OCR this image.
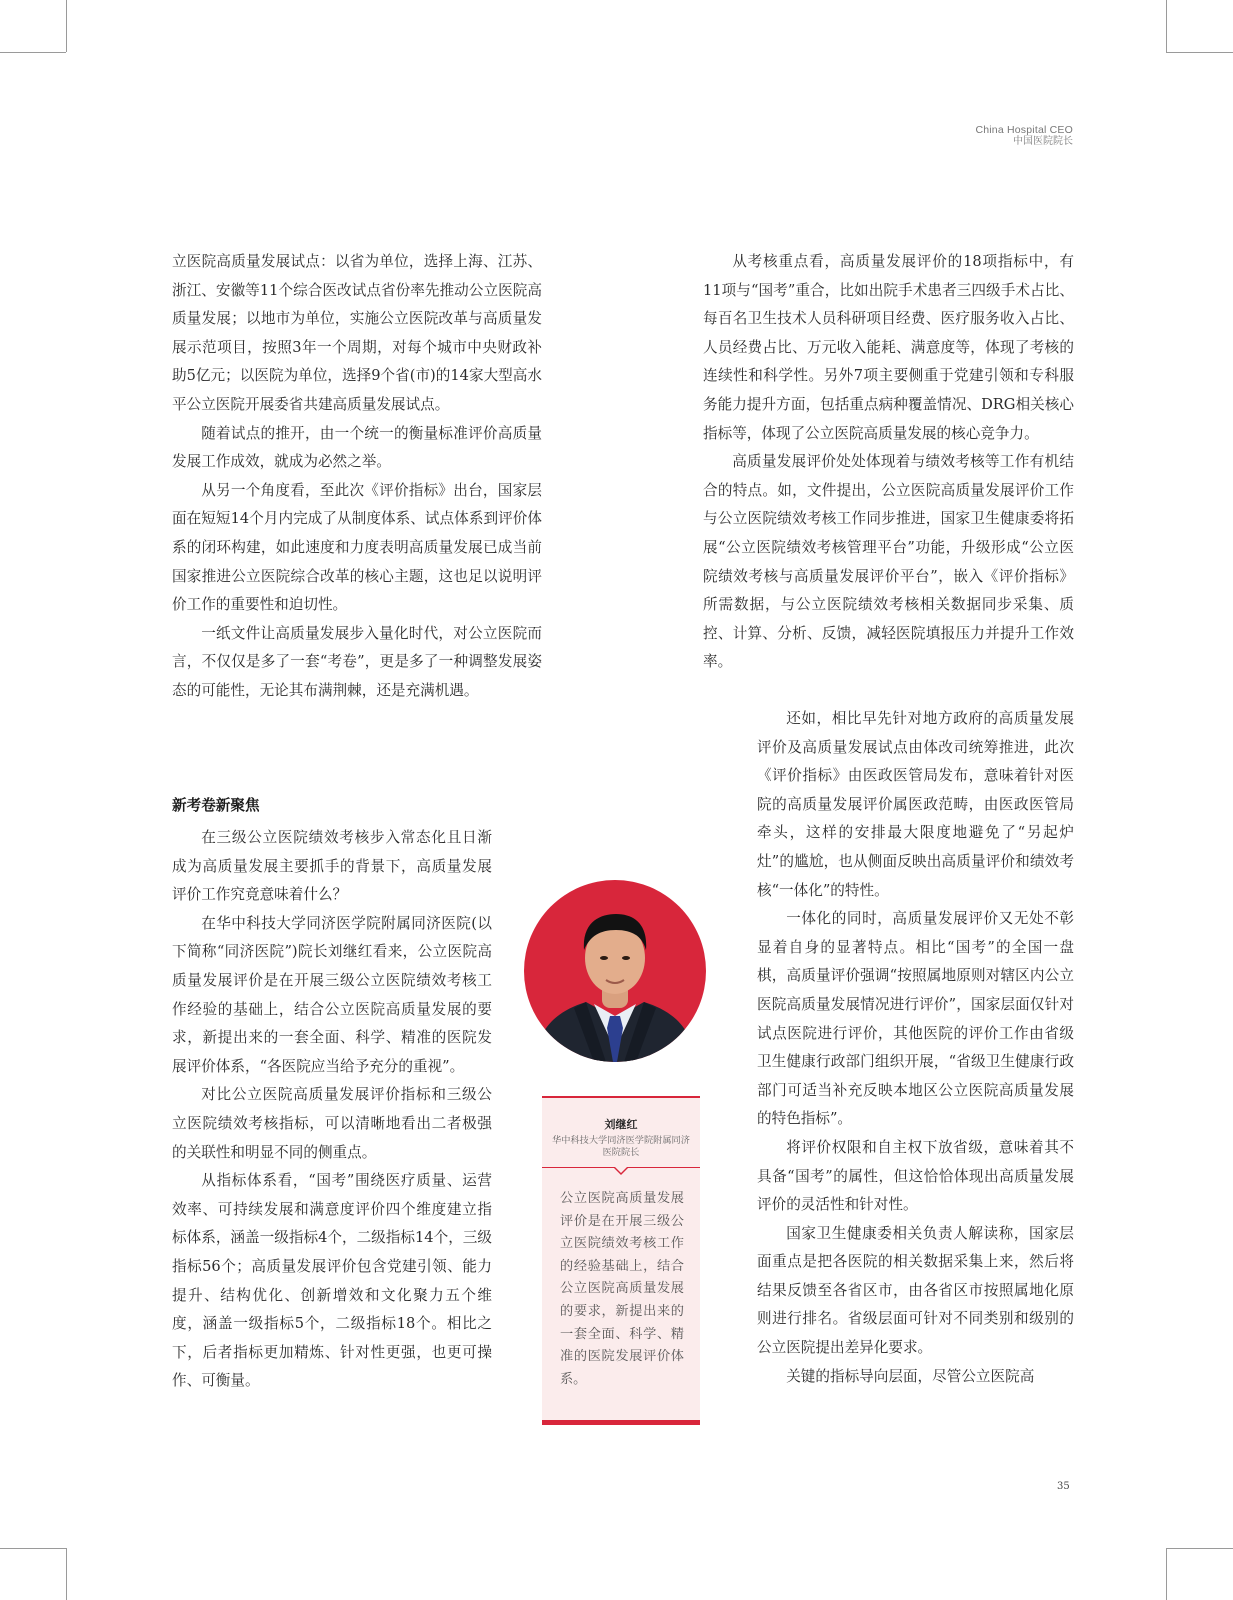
China Hospital CEO
中国医院院长

立医院高质量发展试点：以省为单位，选择上海、江苏、浙江、安徽等11个综合医改试点省份率先推动公立医院高质量发展；以地市为单位，实施公立医院改革与高质量发展示范项目，按照3年一个周期，对每个城市中央财政补助5亿元；以医院为单位，选择9个省(市)的14家大型高水平公立医院开展委省共建高质量发展试点。

随着试点的推开，由一个统一的衡量标准评价高质量发展工作成效，就成为必然之举。

从另一个角度看，至此次《评价指标》出台，国家层面在短短14个月内完成了从制度体系、试点体系到评价体系的闭环构建，如此速度和力度表明高质量发展已成当前国家推进公立医院综合改革的核心主题，这也足以说明评价工作的重要性和迫切性。

一纸文件让高质量发展步入量化时代，对公立医院而言，不仅仅是多了一套“考卷”，更是多了一种调整发展姿态的可能性，无论其布满荆棘，还是充满机遇。

新考卷新聚焦

在三级公立医院绩效考核步入常态化且日渐成为高质量发展主要抓手的背景下，高质量发展评价工作究竟意味着什么？

在华中科技大学同济医学院附属同济医院(以下简称“同济医院”)院长刘继红看来，公立医院高质量发展评价是在开展三级公立医院绩效考核工作经验的基础上，结合公立医院高质量发展的要求，新提出来的一套全面、科学、精准的医院发展评价体系，“各医院应当给予充分的重视”。

对比公立医院高质量发展评价指标和三级公立医院绩效考核指标，可以清晰地看出二者极强的关联性和明显不同的侧重点。

从指标体系看，“国考”围绕医疗质量、运营效率、可持续发展和满意度评价四个维度建立指标体系，涵盖一级指标4个，二级指标14个，三级指标56个；高质量发展评价包含党建引领、能力提升、结构优化、创新增效和文化聚力五个维度，涵盖一级指标5个，二级指标18个。相比之下，后者指标更加精炼、针对性更强，也更可操作、可衡量。

从考核重点看，高质量发展评价的18项指标中，有11项与“国考”重合，比如出院手术患者三四级手术占比、每百名卫生技术人员科研项目经费、医疗服务收入占比、人员经费占比、万元收入能耗、满意度等，体现了考核的连续性和科学性。另外7项主要侧重于党建引领和专科服务能力提升方面，包括重点病种覆盖情况、DRG相关核心指标等，体现了公立医院高质量发展的核心竞争力。

高质量发展评价处处体现着与绩效考核等工作有机结合的特点。如，文件提出，公立医院高质量发展评价工作与公立医院绩效考核工作同步推进，国家卫生健康委将拓展“公立医院绩效考核管理平台”功能，升级形成“公立医院绩效考核与高质量发展评价平台”，嵌入《评价指标》所需数据，与公立医院绩效考核相关数据同步采集、质控、计算、分析、反馈，减轻医院填报压力并提升工作效率。

还如，相比早先针对地方政府的高质量发展评价及高质量发展试点由体改司统筹推进，此次《评价指标》由医政医管局发布，意味着针对医院的高质量发展评价属医政范畴，由医政医管局牵头，这样的安排最大限度地避免了“另起炉灶”的尴尬，也从侧面反映出高质量评价和绩效考核“一体化”的特性。

一体化的同时，高质量发展评价又无处不彰显着自身的显著特点。相比“国考”的全国一盘棋，高质量评价强调“按照属地原则对辖区内公立医院高质量发展情况进行评价”，国家层面仅针对试点医院进行评价，其他医院的评价工作由省级卫生健康行政部门组织开展，“省级卫生健康行政部门可适当补充反映本地区公立医院高质量发展的特色指标”。

将评价权限和自主权下放省级，意味着其不具备“国考”的属性，但这恰恰体现出高质量发展评价的灵活性和针对性。

国家卫生健康委相关负责人解读称，国家层面重点是把各医院的相关数据采集上来，然后将结果反馈至各省区市，由各省区市按照属地化原则进行排名。省级层面可针对不同类别和级别的公立医院提出差异化要求。

关键的指标导向层面，尽管公立医院高

刘继红
华中科技大学同济医学院附属同济医院院长
公立医院高质量发展评价是在开展三级公立医院绩效考核工作的经验基础上，结合公立医院高质量发展的要求，新提出来的一套全面、科学、精准的医院发展评价体系。
35
